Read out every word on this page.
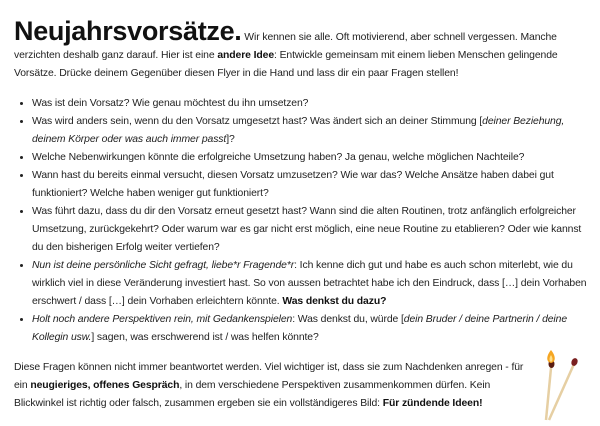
Neujahrsvorsätze. Wir kennen sie alle. Oft motivierend, aber schnell vergessen. Manche verzichten deshalb ganz darauf. Hier ist eine andere Idee: Entwickle gemeinsam mit einem lieben Menschen gelingende Vorsätze. Drücke deinem Gegenüber diesen Flyer in die Hand und lass dir ein paar Fragen stellen!
• Was ist dein Vorsatz? Wie genau möchtest du ihn umsetzen?
• Was wird anders sein, wenn du den Vorsatz umgesetzt hast? Was ändert sich an deiner Stimmung [deiner Beziehung, deinem Körper oder was auch immer passt]?
• Welche Nebenwirkungen könnte die erfolgreiche Umsetzung haben? Ja genau, welche möglichen Nachteile?
• Wann hast du bereits einmal versucht, diesen Vorsatz umzusetzen? Wie war das? Welche Ansätze haben dabei gut funktioniert? Welche haben weniger gut funktioniert?
• Was führt dazu, dass du dir den Vorsatz erneut gesetzt hast? Wann sind die alten Routinen, trotz anfänglich erfolgreicher Umsetzung, zurückgekehrt? Oder warum war es gar nicht erst möglich, eine neue Routine zu etablieren? Oder wie kannst du den bisherigen Erfolg weiter vertiefen?
• Nun ist deine persönliche Sicht gefragt, liebe*r Fragende*r: Ich kenne dich gut und habe es auch schon miterlebt, wie du wirklich viel in diese Veränderung investiert hast. So von aussen betrachtet habe ich den Eindruck, dass […] dein Vorhaben erschwert / dass […] dein Vorhaben erleichtern könnte. Was denkst du dazu?
• Holt noch andere Perspektiven rein, mit Gedankenspielen: Was denkst du, würde [dein Bruder / deine Partnerin / deine Kollegin usw.] sagen, was erschwerend ist / was helfen könnte?
Diese Fragen können nicht immer beantwortet werden. Viel wichtiger ist, dass sie zum Nachdenken anregen - für ein neugieriges, offenes Gespräch, in dem verschiedene Perspektiven zusammenkommen dürfen. Kein Blickwinkel ist richtig oder falsch, zusammen ergeben sie ein vollständigeres Bild: Für zündende Ideen!
